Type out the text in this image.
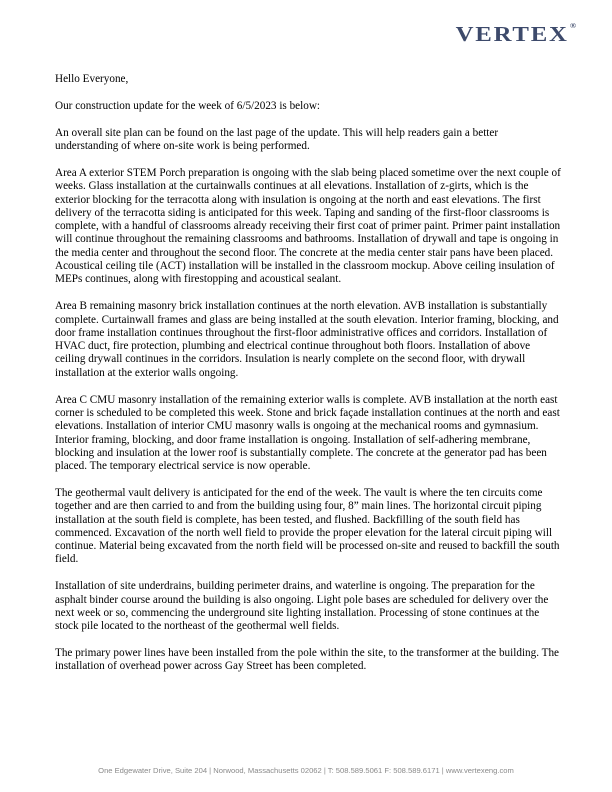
VERTEX®

Hello Everyone,

Our construction update for the week of 6/5/2023 is below:

An overall site plan can be found on the last page of the update. This will help readers gain a better understanding of where on-site work is being performed.

Area A exterior STEM Porch preparation is ongoing with the slab being placed sometime over the next couple of weeks. Glass installation at the curtainwalls continues at all elevations. Installation of z-girts, which is the exterior blocking for the terracotta along with insulation is ongoing at the north and east elevations. The first delivery of the terracotta siding is anticipated for this week. Taping and sanding of the first-floor classrooms is complete, with a handful of classrooms already receiving their first coat of primer paint. Primer paint installation will continue throughout the remaining classrooms and bathrooms. Installation of drywall and tape is ongoing in the media center and throughout the second floor. The concrete at the media center stair pans have been placed. Acoustical ceiling tile (ACT) installation will be installed in the classroom mockup. Above ceiling insulation of MEPs continues, along with firestopping and acoustical sealant.

Area B remaining masonry brick installation continues at the north elevation. AVB installation is substantially complete. Curtainwall frames and glass are being installed at the south elevation. Interior framing, blocking, and door frame installation continues throughout the first-floor administrative offices and corridors. Installation of HVAC duct, fire protection, plumbing and electrical continue throughout both floors. Installation of above ceiling drywall continues in the corridors. Insulation is nearly complete on the second floor, with drywall installation at the exterior walls ongoing.

Area C CMU masonry installation of the remaining exterior walls is complete. AVB installation at the north east corner is scheduled to be completed this week. Stone and brick façade installation continues at the north and east elevations. Installation of interior CMU masonry walls is ongoing at the mechanical rooms and gymnasium. Interior framing, blocking, and door frame installation is ongoing. Installation of self-adhering membrane, blocking and insulation at the lower roof is substantially complete. The concrete at the generator pad has been placed. The temporary electrical service is now operable.

The geothermal vault delivery is anticipated for the end of the week. The vault is where the ten circuits come together and are then carried to and from the building using four, 8” main lines. The horizontal circuit piping installation at the south field is complete, has been tested, and flushed. Backfilling of the south field has commenced. Excavation of the north well field to provide the proper elevation for the lateral circuit piping will continue. Material being excavated from the north field will be processed on-site and reused to backfill the south field.

Installation of site underdrains, building perimeter drains, and waterline is ongoing. The preparation for the asphalt binder course around the building is also ongoing. Light pole bases are scheduled for delivery over the next week or so, commencing the underground site lighting installation. Processing of stone continues at the stock pile located to the northeast of the geothermal well fields.

The primary power lines have been installed from the pole within the site, to the transformer at the building. The installation of overhead power across Gay Street has been completed.

One Edgewater Drive, Suite 204 | Norwood, Massachusetts 02062 | T: 508.589.5061 F: 508.589.6171 | www.vertexeng.com
